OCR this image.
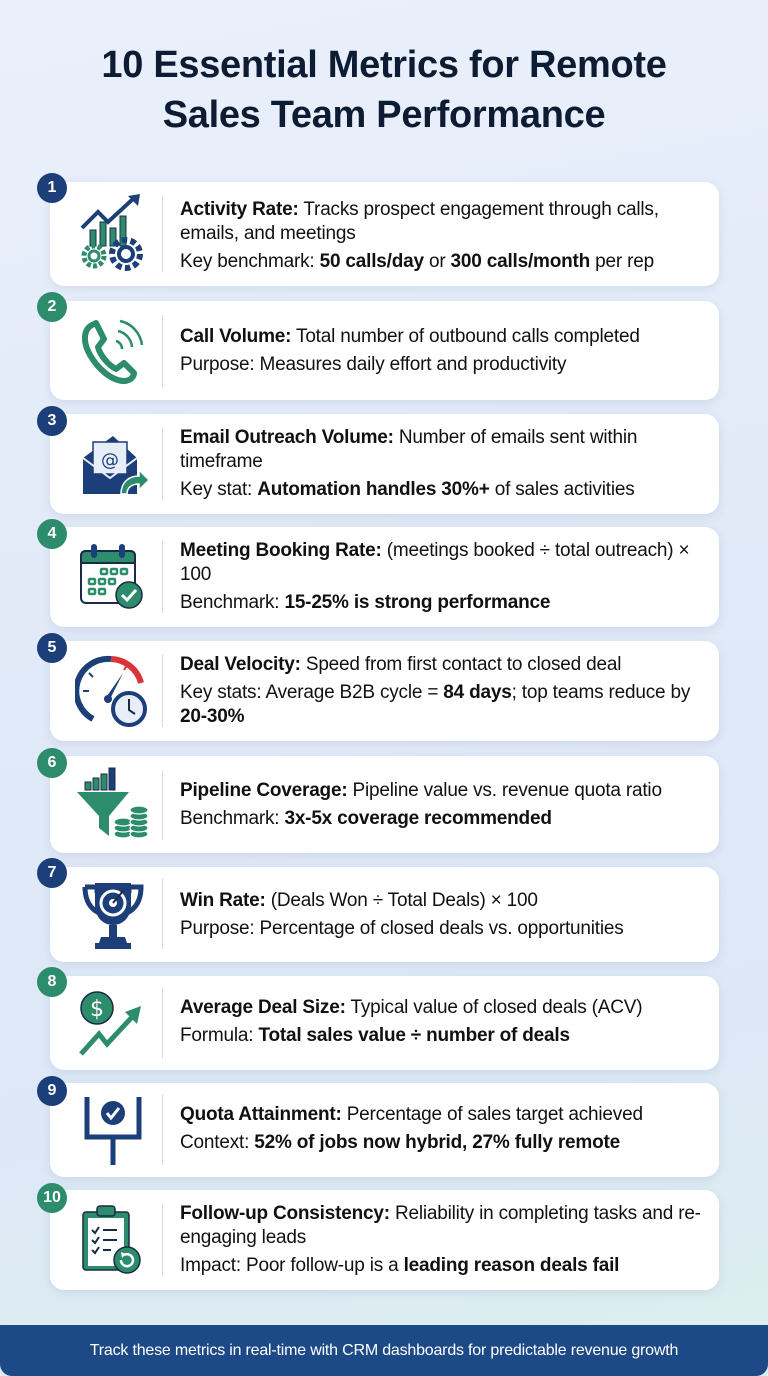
10 Essential Metrics for Remote
Sales Team Performance
1
Activity Rate: Tracks prospect engagement through calls, emails, and meetings
Key benchmark: 50 calls/day or 300 calls/month per rep
2
Call Volume: Total number of outbound calls completed
Purpose: Measures daily effort and productivity
3
@
Email Outreach Volume: Number of emails sent within timeframe
Key stat: Automation handles 30%+ of sales activities
4
Meeting Booking Rate: (meetings booked ÷ total outreach) × 100
Benchmark: 15-25% is strong performance
5
Deal Velocity: Speed from first contact to closed deal
Key stats: Average B2B cycle = 84 days; top teams reduce by 20-30%
6
Pipeline Coverage: Pipeline value vs. revenue quota ratio
Benchmark: 3x-5x coverage recommended
7
Win Rate: (Deals Won ÷ Total Deals) × 100
Purpose: Percentage of closed deals vs. opportunities
8
$	Average Deal Size: Typical value of closed deals (ACV)
Formula: Total sales value ÷ number of deals
9
Quota Attainment: Percentage of sales target achieved
Context: 52% of jobs now hybrid, 27% fully remote
10
Follow-up Consistency: Reliability in completing tasks and re-engaging leads
Impact: Poor follow-up is a leading reason deals fail
Track these metrics in real-time with CRM dashboards for predictable revenue growth
